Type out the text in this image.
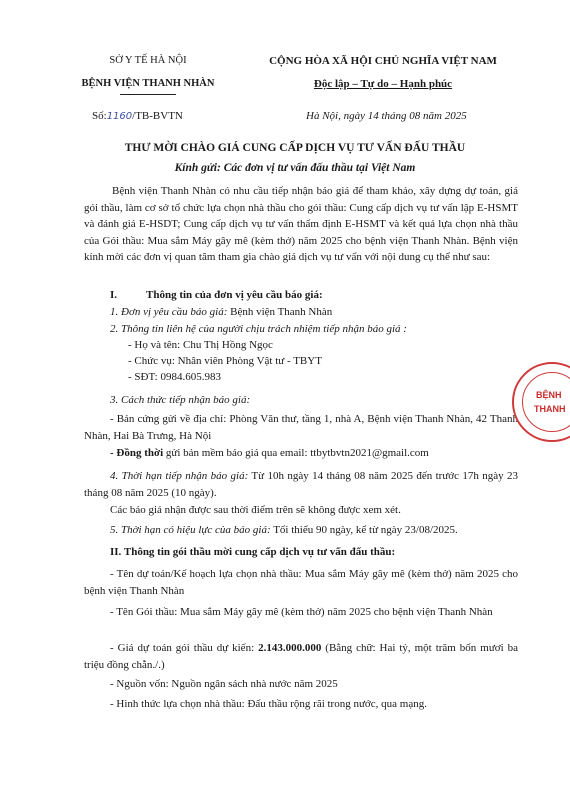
SỞ Y TẾ HÀ NỘI
BỆNH VIỆN THANH NHÀN
CỘNG HÒA XÃ HỘI CHỦ NGHĨA VIỆT NAM
Độc lập – Tự do – Hạnh phúc
Số:1160/TB-BVTN	Hà Nội, ngày 14 tháng 08 năm 2025
THƯ MỜI CHÀO GIÁ CUNG CẤP DỊCH VỤ TƯ VẤN ĐẤU THẦU
Kính gửi: Các đơn vị tư vấn đấu thầu tại Việt Nam
Bệnh viện Thanh Nhàn có nhu cầu tiếp nhận báo giá để tham khảo, xây dựng dự toán, giá gói thầu, làm cơ sở tổ chức lựa chọn nhà thầu cho gói thầu: Cung cấp dịch vụ tư vấn lập E-HSMT và đánh giá E-HSDT; Cung cấp dịch vụ tư vấn thẩm định E-HSMT và kết quả lựa chọn nhà thầu của Gói thầu: Mua sắm Máy gây mê (kèm thở) năm 2025 cho bệnh viện Thanh Nhàn. Bệnh viện kính mời các đơn vị quan tâm tham gia chào giá dịch vụ tư vấn với nội dung cụ thể như sau:
I.	Thông tin của đơn vị yêu cầu báo giá:
1. Đơn vị yêu cầu báo giá: Bệnh viện Thanh Nhàn
2. Thông tin liên hệ của người chịu trách nhiệm tiếp nhận báo giá :
- Họ và tên: Chu Thị Hồng Ngọc
- Chức vụ: Nhân viên Phòng Vật tư - TBYT
- SĐT: 0984.605.983
3. Cách thức tiếp nhận báo giá:
- Bản cứng gửi về địa chỉ: Phòng Văn thư, tầng 1, nhà A, Bệnh viện Thanh Nhàn, 42 Thanh Nhàn, Hai Bà Trưng, Hà Nội
- Đồng thời gửi bản mềm báo giá qua email: ttbytbvtn2021@gmail.com
4. Thời hạn tiếp nhận báo giá: Từ 10h ngày 14 tháng 08 năm 2025 đến trước 17h ngày 23 tháng 08 năm 2025 (10 ngày).
Các báo giá nhận được sau thời điểm trên sẽ không được xem xét.
5. Thời hạn có hiệu lực của báo giá: Tối thiểu 90 ngày, kể từ ngày 23/08/2025.
II. Thông tin gói thầu mời cung cấp dịch vụ tư vấn đấu thầu:
- Tên dự toán/Kế hoạch lựa chọn nhà thầu: Mua sắm Máy gây mê (kèm thở) năm 2025 cho bệnh viện Thanh Nhàn
- Tên Gói thầu: Mua sắm Máy gây mê (kèm thở) năm 2025 cho bệnh viện Thanh Nhàn
- Giá dự toán gói thầu dự kiến: 2.143.000.000 (Bằng chữ: Hai tỷ, một trăm bốn mươi ba triệu đồng chẵn./.)
- Nguồn vốn: Nguồn ngân sách nhà nước năm 2025
- Hình thức lựa chọn nhà thầu: Đấu thầu rộng rãi trong nước, qua mạng.
BỆNH
THANH
